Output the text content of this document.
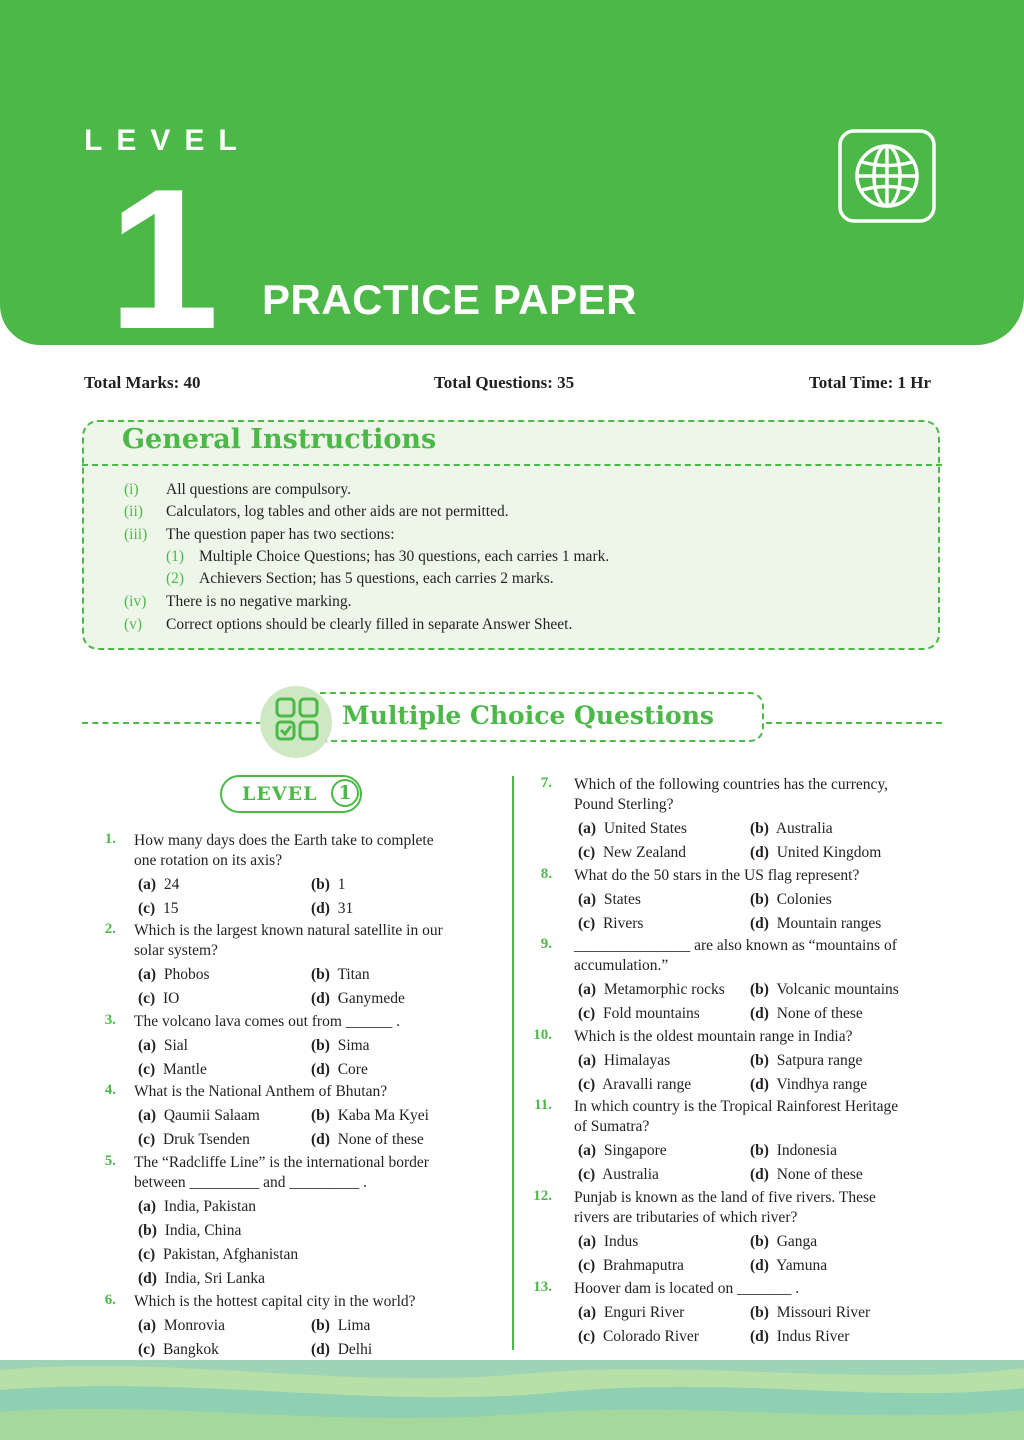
LEVEL
1 PRACTICE PAPER
Total Marks: 40	Total Questions: 35	Total Time: 1 Hr
General Instructions
(i) All questions are compulsory.
(ii) Calculators, log tables and other aids are not permitted.
(iii) The question paper has two sections:
(1) Multiple Choice Questions; has 30 questions, each carries 1 mark.
(2) Achievers Section; has 5 questions, each carries 2 marks.
(iv) There is no negative marking.
(v) Correct options should be clearly filled in separate Answer Sheet.
Multiple Choice Questions
LEVEL	1
1. How many days does the Earth take to complete
one rotation on its axis?
(a) 24	(b) 1
(c) 15	(d) 31
2. Which is the largest known natural satellite in our
solar system?
(a) Phobos	(b) Titan
(c) IO	(d) Ganymede
3. The volcano lava comes out from ______ .
(a) Sial	(b) Sima
(c) Mantle	(d) Core
4. What is the National Anthem of Bhutan?
(a) Qaumii Salaam	(b) Kaba Ma Kyei
(c) Druk Tsenden	(d) None of these
5. The “Radcliffe Line” is the international border
between _________ and _________ .
(a) India, Pakistan
(b) India, China
(c) Pakistan, Afghanistan
(d) India, Sri Lanka
6. Which is the hottest capital city in the world?
(a) Monrovia	(b) Lima
(c) Bangkok	(d) Delhi
7. Which of the following countries has the currency,
Pound Sterling?
(a) United States	(b) Australia
(c) New Zealand	(d) United Kingdom
8. What do the 50 stars in the US flag represent?
(a) States	(b) Colonies
(c) Rivers	(d) Mountain ranges
9. _______________ are also known as “mountains of
accumulation.”
(a) Metamorphic rocks (b) Volcanic mountains
(c) Fold mountains	(d) None of these
10. Which is the oldest mountain range in India?
(a) Himalayas	(b) Satpura range
(c) Aravalli range	(d) Vindhya range
11. In which country is the Tropical Rainforest Heritage
of Sumatra?
(a) Singapore	(b) Indonesia
(c) Australia	(d) None of these
12. Punjab is known as the land of five rivers. These
rivers are tributaries of which river?
(a) Indus	(b) Ganga
(c) Brahmaputra	(d) Yamuna
13. Hoover dam is located on _______ .
(a) Enguri River	(b) Missouri River
(c) Colorado River	(d) Indus River
